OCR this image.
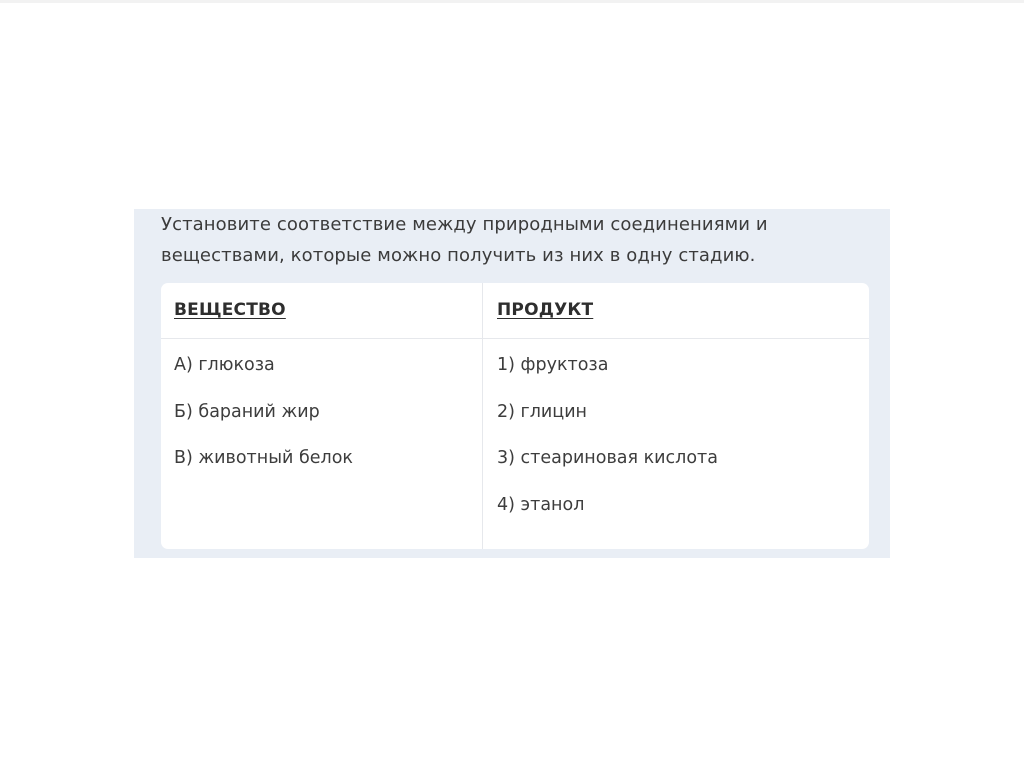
Установите соответствие между природными соединениями и веществами, которые можно получить из них в одну стадию.

ВЕЩЕСТВО	ПРОДУКТ
А) глюкоза
Б) бараний жир
В) животный белок
1) фруктоза
2) глицин
3) стеариновая кислота
4) этанол
